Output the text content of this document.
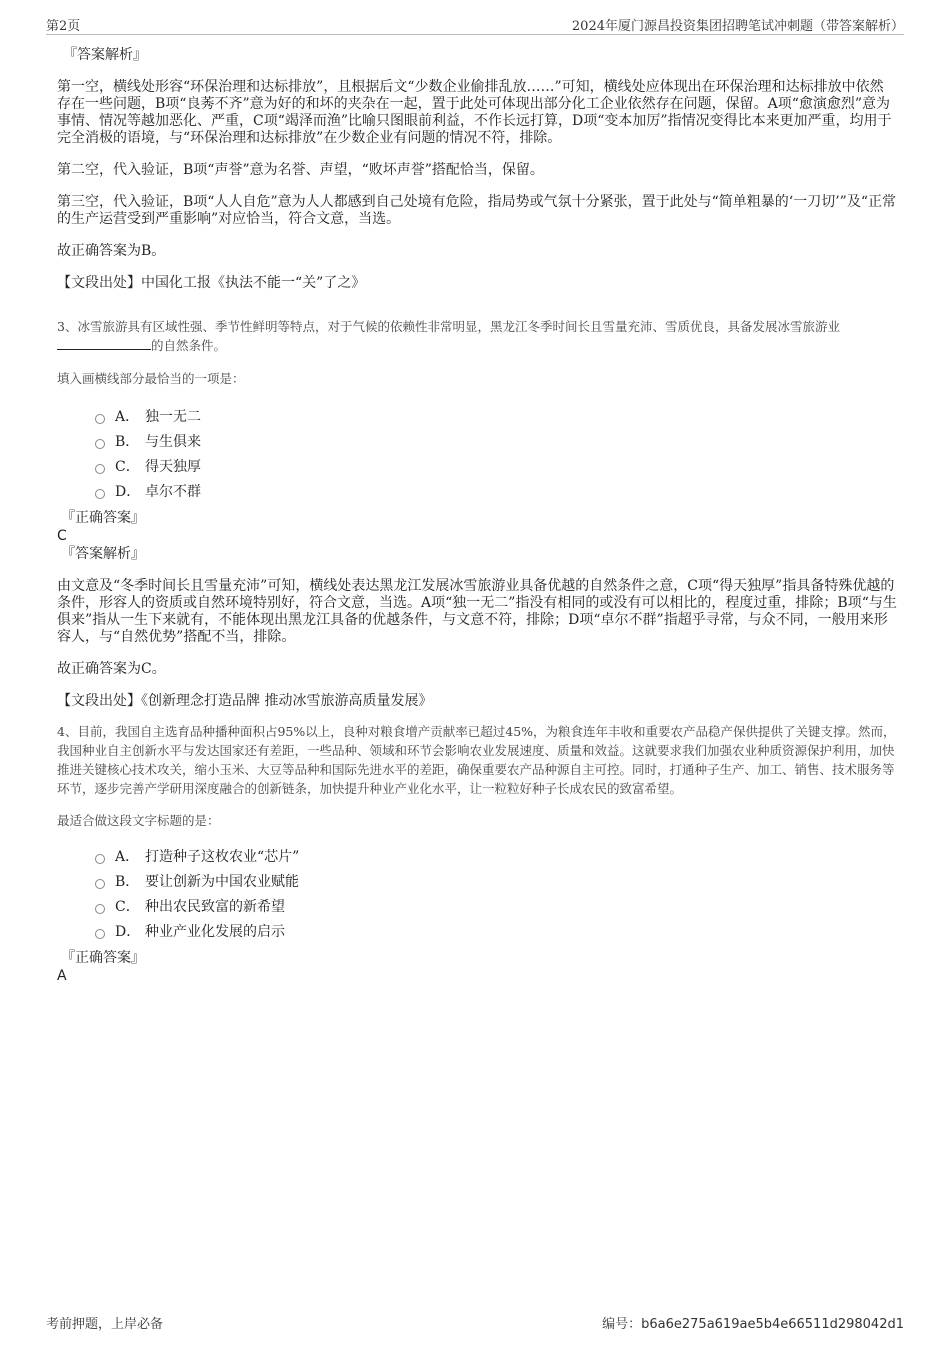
第2页	2024年厦门源昌投资集团招聘笔试冲刺题（带答案解析）
『答案解析』

第一空，横线处形容“环保治理和达标排放”，且根据后文“少数企业偷排乱放……”可知，横线处应体现出在环保治理和达标排放中依然存在一些问题，B项“良莠不齐”意为好的和坏的夹杂在一起，置于此处可体现出部分化工企业依然存在问题，保留。A项“愈演愈烈”意为事情、情况等越加恶化、严重，C项“竭泽而渔”比喻只图眼前利益，不作长远打算，D项“变本加厉”指情况变得比本来更加严重，均用于完全消极的语境，与“环保治理和达标排放”在少数企业有问题的情况不符，排除。

第二空，代入验证，B项“声誉”意为名誉、声望，“败坏声誉”搭配恰当，保留。

第三空，代入验证，B项“人人自危”意为人人都感到自己处境有危险，指局势或气氛十分紧张，置于此处与“简单粗暴的‘一刀切’”及“正常的生产运营受到严重影响”对应恰当，符合文意，当选。

故正确答案为B。

【文段出处】中国化工报《执法不能一“关”了之》

3、冰雪旅游具有区域性强、季节性鲜明等特点，对于气候的依赖性非常明显，黑龙江冬季时间长且雪量充沛、雪质优良，具备发展冰雪旅游业
的自然条件。

填入画横线部分最恰当的一项是：

A． 独一无二
B． 与生俱来
C． 得天独厚
D． 卓尔不群
『正确答案』
C
『答案解析』

由文意及“冬季时间长且雪量充沛”可知，横线处表达黑龙江发展冰雪旅游业具备优越的自然条件之意，C项“得天独厚”指具备特殊优越的条件，形容人的资质或自然环境特别好，符合文意，当选。A项“独一无二”指没有相同的或没有可以相比的，程度过重，排除；B项“与生俱来”指从一生下来就有，不能体现出黑龙江具备的优越条件，与文意不符，排除；D项“卓尔不群”指超乎寻常，与众不同，一般用来形容人，与“自然优势”搭配不当，排除。

故正确答案为C。

【文段出处】《创新理念打造品牌 推动冰雪旅游高质量发展》

4、目前，我国自主选育品种播种面积占95%以上，良种对粮食增产贡献率已超过45%，为粮食连年丰收和重要农产品稳产保供提供了关键支撑。然而，我国种业自主创新水平与发达国家还有差距，一些品种、领域和环节会影响农业发展速度、质量和效益。这就要求我们加强农业种质资源保护利用，加快推进关键核心技术攻关，缩小玉米、大豆等品种和国际先进水平的差距，确保重要农产品种源自主可控。同时，打通种子生产、加工、销售、技术服务等环节，逐步完善产学研用深度融合的创新链条，加快提升种业产业化水平，让一粒粒好种子长成农民的致富希望。

最适合做这段文字标题的是：

A． 打造种子这枚农业“芯片”
B． 要让创新为中国农业赋能
C． 种出农民致富的新希望
D． 种业产业化发展的启示
『正确答案』
A
考前押题，上岸必备	编号：b6a6e275a619ae5b4e66511d298042d1
